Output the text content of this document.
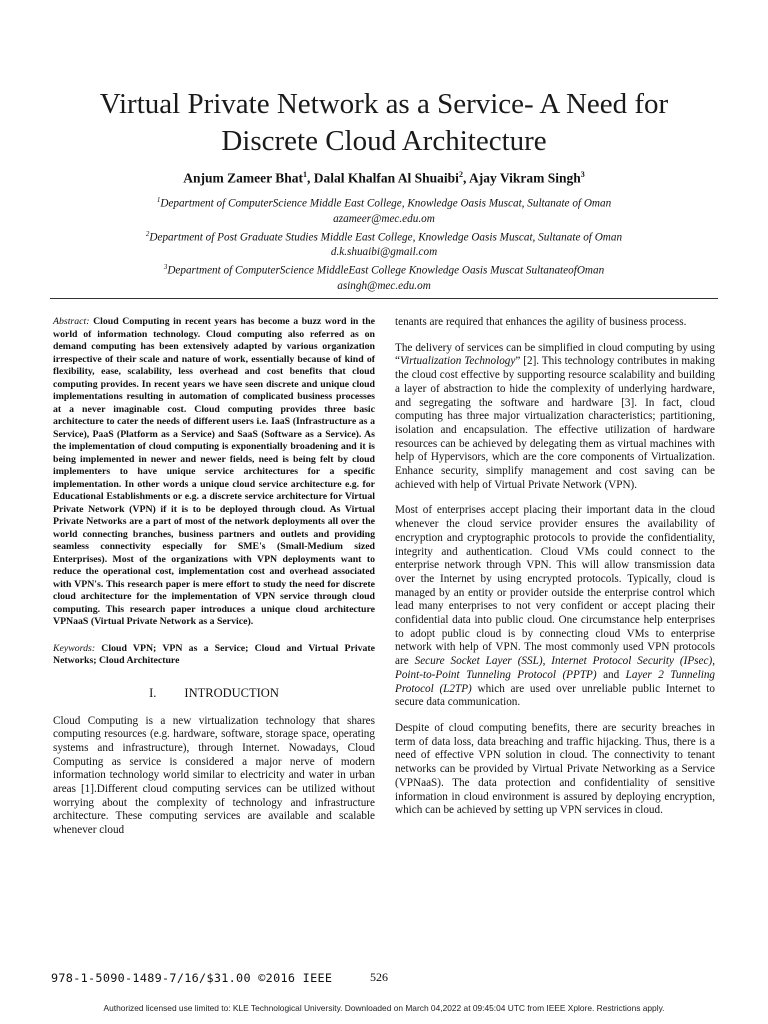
Virtual Private Network as a Service- A Need for
Discrete Cloud Architecture
Anjum Zameer Bhat$^1$, Dalal Khalfan Al Shuaibi$^2$, Ajay Vikram Singh$^3$
$^1$Department of ComputerScience Middle East College, Knowledge Oasis Muscat, Sultanate of Oman
azameer@mec.edu.om
$^2$Department of Post Graduate Studies Middle East College, Knowledge Oasis Muscat, Sultanate of Oman
d.k.shuaibi@gmail.com
$^3$Department of ComputerScience MiddleEast College Knowledge Oasis Muscat SultanateofOman
asingh@mec.edu.om

Abstract: Cloud Computing in recent years has become a buzz word in the world of information technology. Cloud computing also referred as on demand computing has been extensively adapted by various organization irrespective of their scale and nature of work, essentially because of kind of flexibility, ease, scalability, less overhead and cost benefits that cloud computing provides. In recent years we have seen discrete and unique cloud implementations resulting in automation of complicated business processes at a never imaginable cost. Cloud computing provides three basic architecture to cater the needs of different users i.e. IaaS (Infrastructure as a Service), PaaS (Platform as a Service) and SaaS (Software as a Service). As the implementation of cloud computing is exponentially broadening and it is being implemented in newer and newer fields, need is being felt by cloud implementers to have unique service architectures for a specific implementation. In other words a unique cloud service architecture e.g. for Educational Establishments or e.g. a discrete service architecture for Virtual Private Network (VPN) if it is to be deployed through cloud. As Virtual Private Networks are a part of most of the network deployments all over the world connecting branches, business partners and outlets and providing seamless connectivity especially for SME's (Small-Medium sized Enterprises). Most of the organizations with VPN deployments want to reduce the operational cost, implementation cost and overhead associated with VPN's. This research paper is mere effort to study the need for discrete cloud architecture for the implementation of VPN service through cloud computing. This research paper introduces a unique cloud architecture VPNaaS (Virtual Private Network as a Service).

Keywords: Cloud VPN; VPN as a Service; Cloud and Virtual Private Networks; Cloud Architecture

I. INTRODUCTION

Cloud Computing is a new virtualization technology that shares computing resources (e.g. hardware, software, storage space, operating systems and infrastructure), through Internet. Nowadays, Cloud Computing as service is considered a major nerve of modern information technology world similar to electricity and water in urban areas [1].Different cloud computing services can be utilized without worrying about the complexity of technology and infrastructure architecture. These computing services are available and scalable whenever cloud

tenants are required that enhances the agility of business process.

The delivery of services can be simplified in cloud computing by using “Virtualization Technology” [2]. This technology contributes in making the cloud cost effective by supporting resource scalability and building a layer of abstraction to hide the complexity of underlying hardware, and segregating the software and hardware [3]. In fact, cloud computing has three major virtualization characteristics; partitioning, isolation and encapsulation. The effective utilization of hardware resources can be achieved by delegating them as virtual machines with help of Hypervisors, which are the core components of Virtualization. Enhance security, simplify management and cost saving can be achieved with help of Virtual Private Network (VPN).

Most of enterprises accept placing their important data in the cloud whenever the cloud service provider ensures the availability of encryption and cryptographic protocols to provide the confidentiality, integrity and authentication. Cloud VMs could connect to the enterprise network through VPN. This will allow transmission data over the Internet by using encrypted protocols. Typically, cloud is managed by an entity or provider outside the enterprise control which lead many enterprises to not very confident or accept placing their confidential data into public cloud. One circumstance help enterprises to adopt public cloud is by connecting cloud VMs to enterprise network with help of VPN. The most commonly used VPN protocols are Secure Socket Layer (SSL), Internet Protocol Security (IPsec), Point-to-Point Tunneling Protocol (PPTP) and Layer 2 Tunneling Protocol (L2TP) which are used over unreliable public Internet to secure data communication.

Despite of cloud computing benefits, there are security breaches in term of data loss, data breaching and traffic hijacking. Thus, there is a need of effective VPN solution in cloud. The connectivity to tenant networks can be provided by Virtual Private Networking as a Service (VPNaaS). The data protection and confidentiality of sensitive information in cloud environment is assured by deploying encryption, which can be achieved by setting up VPN services in cloud.

978-1-5090-1489-7/16/$31.00 ©2016 IEEE	526
Authorized licensed use limited to: KLE Technological University. Downloaded on March 04,2022 at 09:45:04 UTC from IEEE Xplore. Restrictions apply.
